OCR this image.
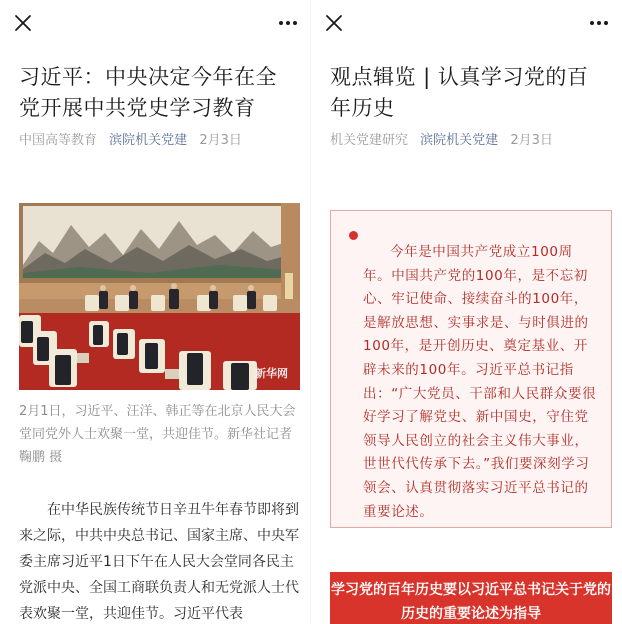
习近平：中央决定今年在全党开展中共党史学习教育
中国高等教育 滨院机关党建 2月3日
新华网

2月1日，习近平、汪洋、韩正等在北京人民大会堂同党外人士欢聚一堂，共迎佳节。新华社记者鞠鹏 摄

在中华民族传统节日辛丑牛年春节即将到来之际，中共中央总书记、国家主席、中央军委主席习近平1日下午在人民大会堂同各民主党派中央、全国工商联负责人和无党派人士代表欢聚一堂，共迎佳节。习近平代表

观点辑览 | 认真学习党的百年历史
机关党建研究 滨院机关党建 2月3日

今年是中国共产党成立100周年。中国共产党的100年，是不忘初心、牢记使命、接续奋斗的100年，是解放思想、实事求是、与时俱进的100年，是开创历史、奠定基业、开辟未来的100年。习近平总书记指出：“广大党员、干部和人民群众要很好学习了解党史、新中国史，守住党领导人民创立的社会主义伟大事业，世世代代传承下去。”我们要深刻学习领会、认真贯彻落实习近平总书记的重要论述。

学习党的百年历史要以习近平总书记关于党的历史的重要论述为指导
